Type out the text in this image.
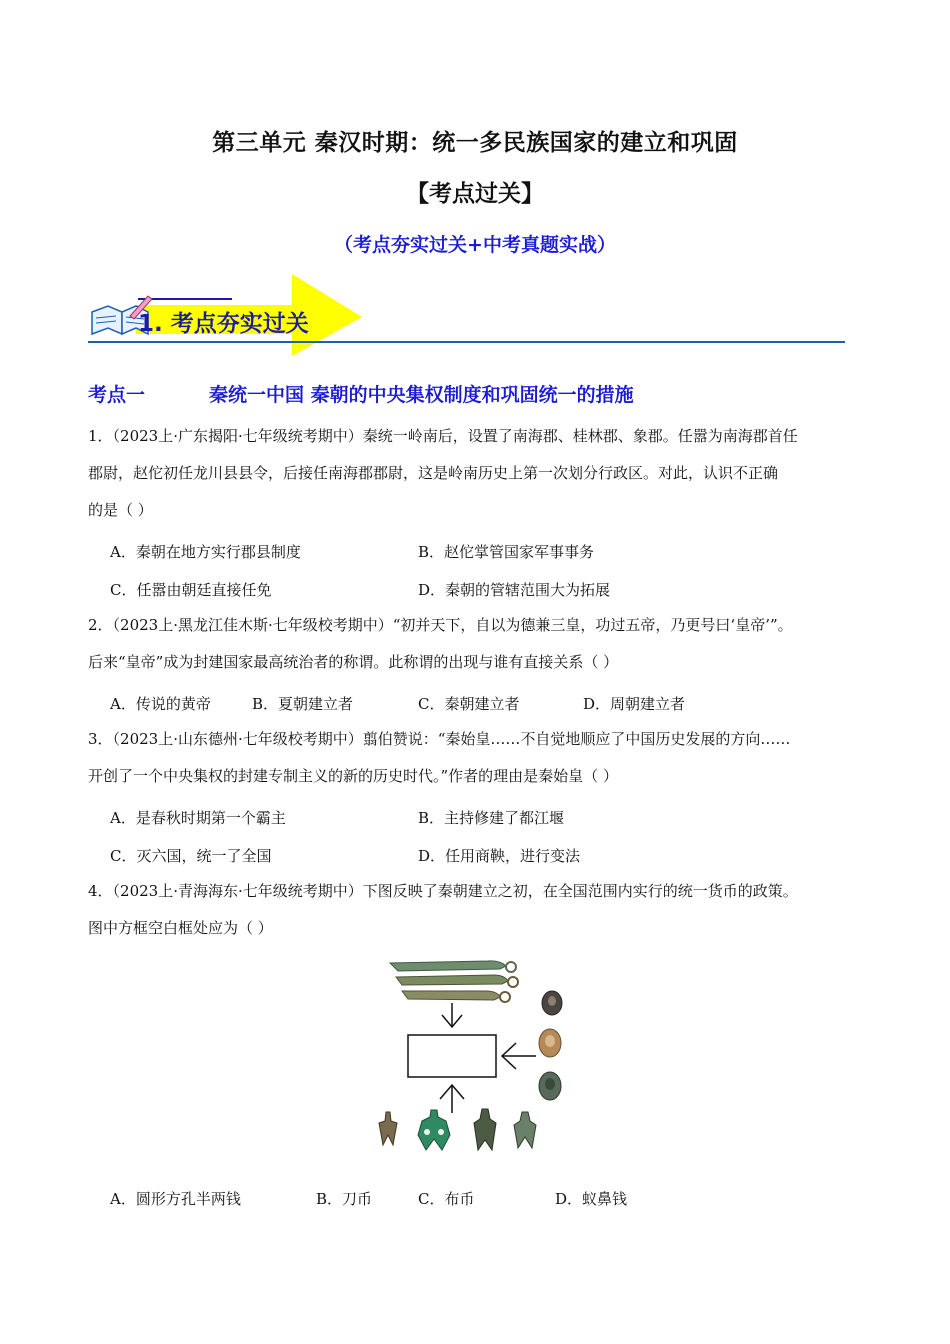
第三单元 秦汉时期：统一多民族国家的建立和巩固
【考点过关】
（考点夯实过关+中考真题实战）
1. 考点夯实过关
考点一	秦统一中国 秦朝的中央集权制度和巩固统一的措施
1．（2023上·广东揭阳·七年级统考期中）秦统一岭南后，设置了南海郡、桂林郡、象郡。任嚣为南海郡首任
郡尉，赵佗初任龙川县县令，后接任南海郡郡尉，这是岭南历史上第一次划分行政区。对此，认识不正确
的是（ ）
A．秦朝在地方实行郡县制度	B．赵佗掌管国家军事事务
C．任嚣由朝廷直接任免	D．秦朝的管辖范围大为拓展
2．（2023上·黑龙江佳木斯·七年级校考期中）“初并天下，自以为德兼三皇，功过五帝，乃更号曰‘皇帝’”。
后来“皇帝”成为封建国家最高统治者的称谓。此称谓的出现与谁有直接关系（ ）
A．传说的黄帝	B．夏朝建立者	C．秦朝建立者	D．周朝建立者
3．（2023上·山东德州·七年级校考期中）翦伯赞说：“秦始皇……不自觉地顺应了中国历史发展的方向……
开创了一个中央集权的封建专制主义的新的历史时代。”作者的理由是秦始皇（ ）
A．是春秋时期第一个霸主	B．主持修建了都江堰
C．灭六国，统一了全国	D．任用商鞅，进行变法
4．（2023上·青海海东·七年级统考期中）下图反映了秦朝建立之初，在全国范围内实行的统一货币的政策。
图中方框空白框处应为（ ）
A．圆形方孔半两钱	B．刀币	C．布币	D．蚁鼻钱
